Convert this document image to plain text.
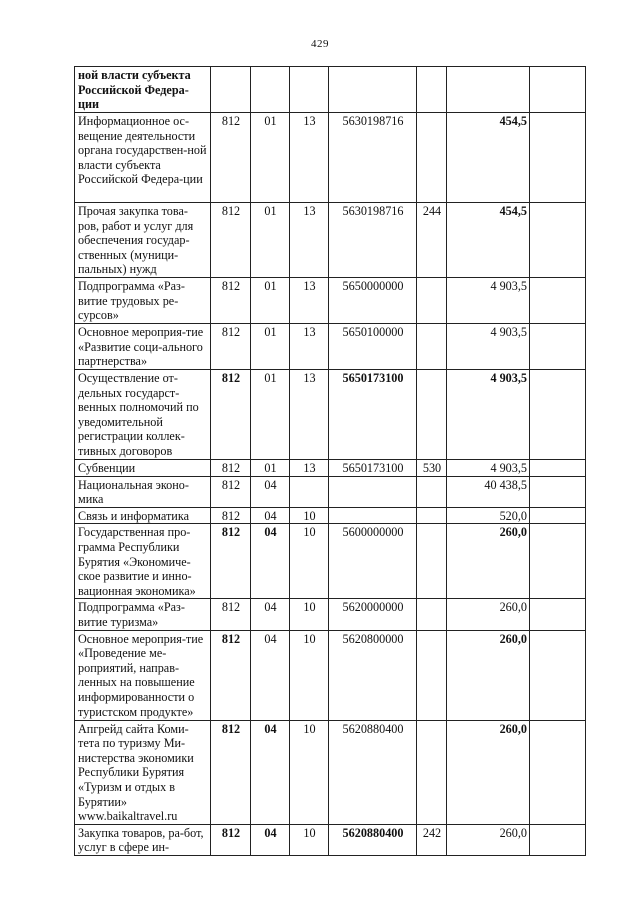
429
ной власти субъекта Российской Федера-ции							
Информационное ос-вещение деятельности органа государствен-ной власти субъекта Российской Федера-ции	812	01	13	5630198716		454,5	
Прочая закупка това-ров, работ и услуг для обеспечения государ-ственных (муници-пальных) нужд	812	01	13	5630198716	244	454,5	
Подпрограмма «Раз-витие трудовых ре-сурсов»	812	01	13	5650000000		4 903,5	
Основное мероприя-тие «Развитие соци-ального партнерства»	812	01	13	5650100000		4 903,5	
Осуществление от-дельных государст-венных полномочий по уведомительной регистрации коллек-тивных договоров	812	01	13	5650173100		4 903,5	
Субвенции	812	01	13	5650173100	530	4 903,5	
Национальная эконо-мика	812	04				40 438,5	
Связь и информатика	812	04	10			520,0	
Государственная про-грамма Республики Бурятия «Экономиче-ское развитие и инно-вационная экономика»	812	04	10	5600000000		260,0	
Подпрограмма «Раз-витие туризма»	812	04	10	5620000000		260,0	
Основное мероприя-тие «Проведение ме-роприятий, направ-ленных на повышение информированности о туристском продукте»	812	04	10	5620800000		260,0	
Апгрейд сайта Коми-тета по туризму Ми-нистерства экономики Республики Бурятия «Туризм и отдых в Бурятии» www.baikaltravel.ru	812	04	10	5620880400		260,0	
Закупка товаров, ра-бот, услуг в сфере ин-	812	04	10	5620880400	242	260,0	
